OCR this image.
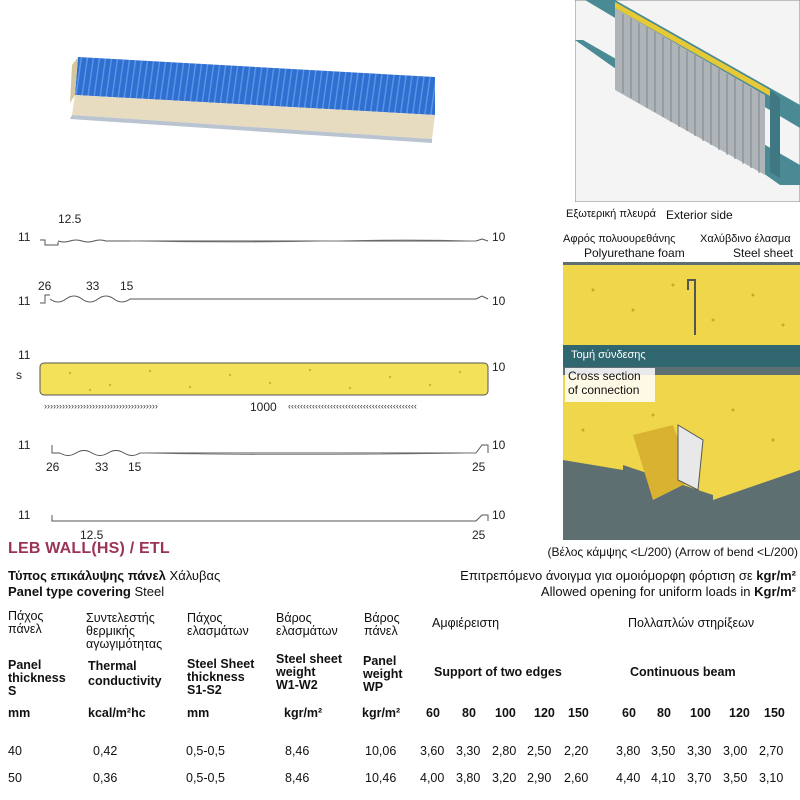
››››››››››››››››››››››››››››››››››››››	‹‹‹‹‹‹‹‹‹‹‹‹‹‹‹‹‹‹‹‹‹‹‹‹‹‹‹‹‹‹‹‹‹‹‹‹‹‹‹‹‹‹‹
12.5
11	10
26	33 15
11	10
11
s
10
1000
11	10
26	33 15	25
11	10
12.5	25
Εξωτερική πλευρά Exterior side
Αφρός πολυουρεθάνης
Polyurethane foam
Χαλύβδινο έλασμα
Steel sheet
Τομή σύνδεσης
Cross section
of connection
LEB WALL(HS) / ETL	(Βέλος κάμψης <L/200) (Arrow of bend <L/200)
Τύπος επικάλυψης πάνελ Χάλυβας
Panel type covering Steel
Επιτρεπόμενο άνοιγμα για ομοιόμορφη φόρτιση σε kgr/m²
Allowed opening for uniform loads in Kgr/m²
Πάχος
πάνελ
Συντελεστής
θερμικής
αγωγιμότητας
Πάχος
ελασμάτων
Βάρος
ελασμάτων
Βάρος
πάνελ
Αμφιέρειστη	Πολλαπλών στηρίξεων
Panel
thickness
S
Thermal
conductivity
Steel Sheet
thickness
S1-S2
Steel sheet
weight
W1-W2
Panel
weight
WP
Support of two edges	Continuous beam
mm	kcal/m²hc	mm	kgr/m²	kgr/m² 60 80 100 120 150	60 80 100 120 150
40	0,42	0,5-0,5	8,46	10,06 3,60 3,30 2,80 2,50 2,20 3,80 3,50 3,30 3,00 2,70
50	0,36	0,5-0,5	8,46	10,46 4,00 3,80 3,20 2,90 2,60 4,40 4,10 3,70 3,50 3,10
